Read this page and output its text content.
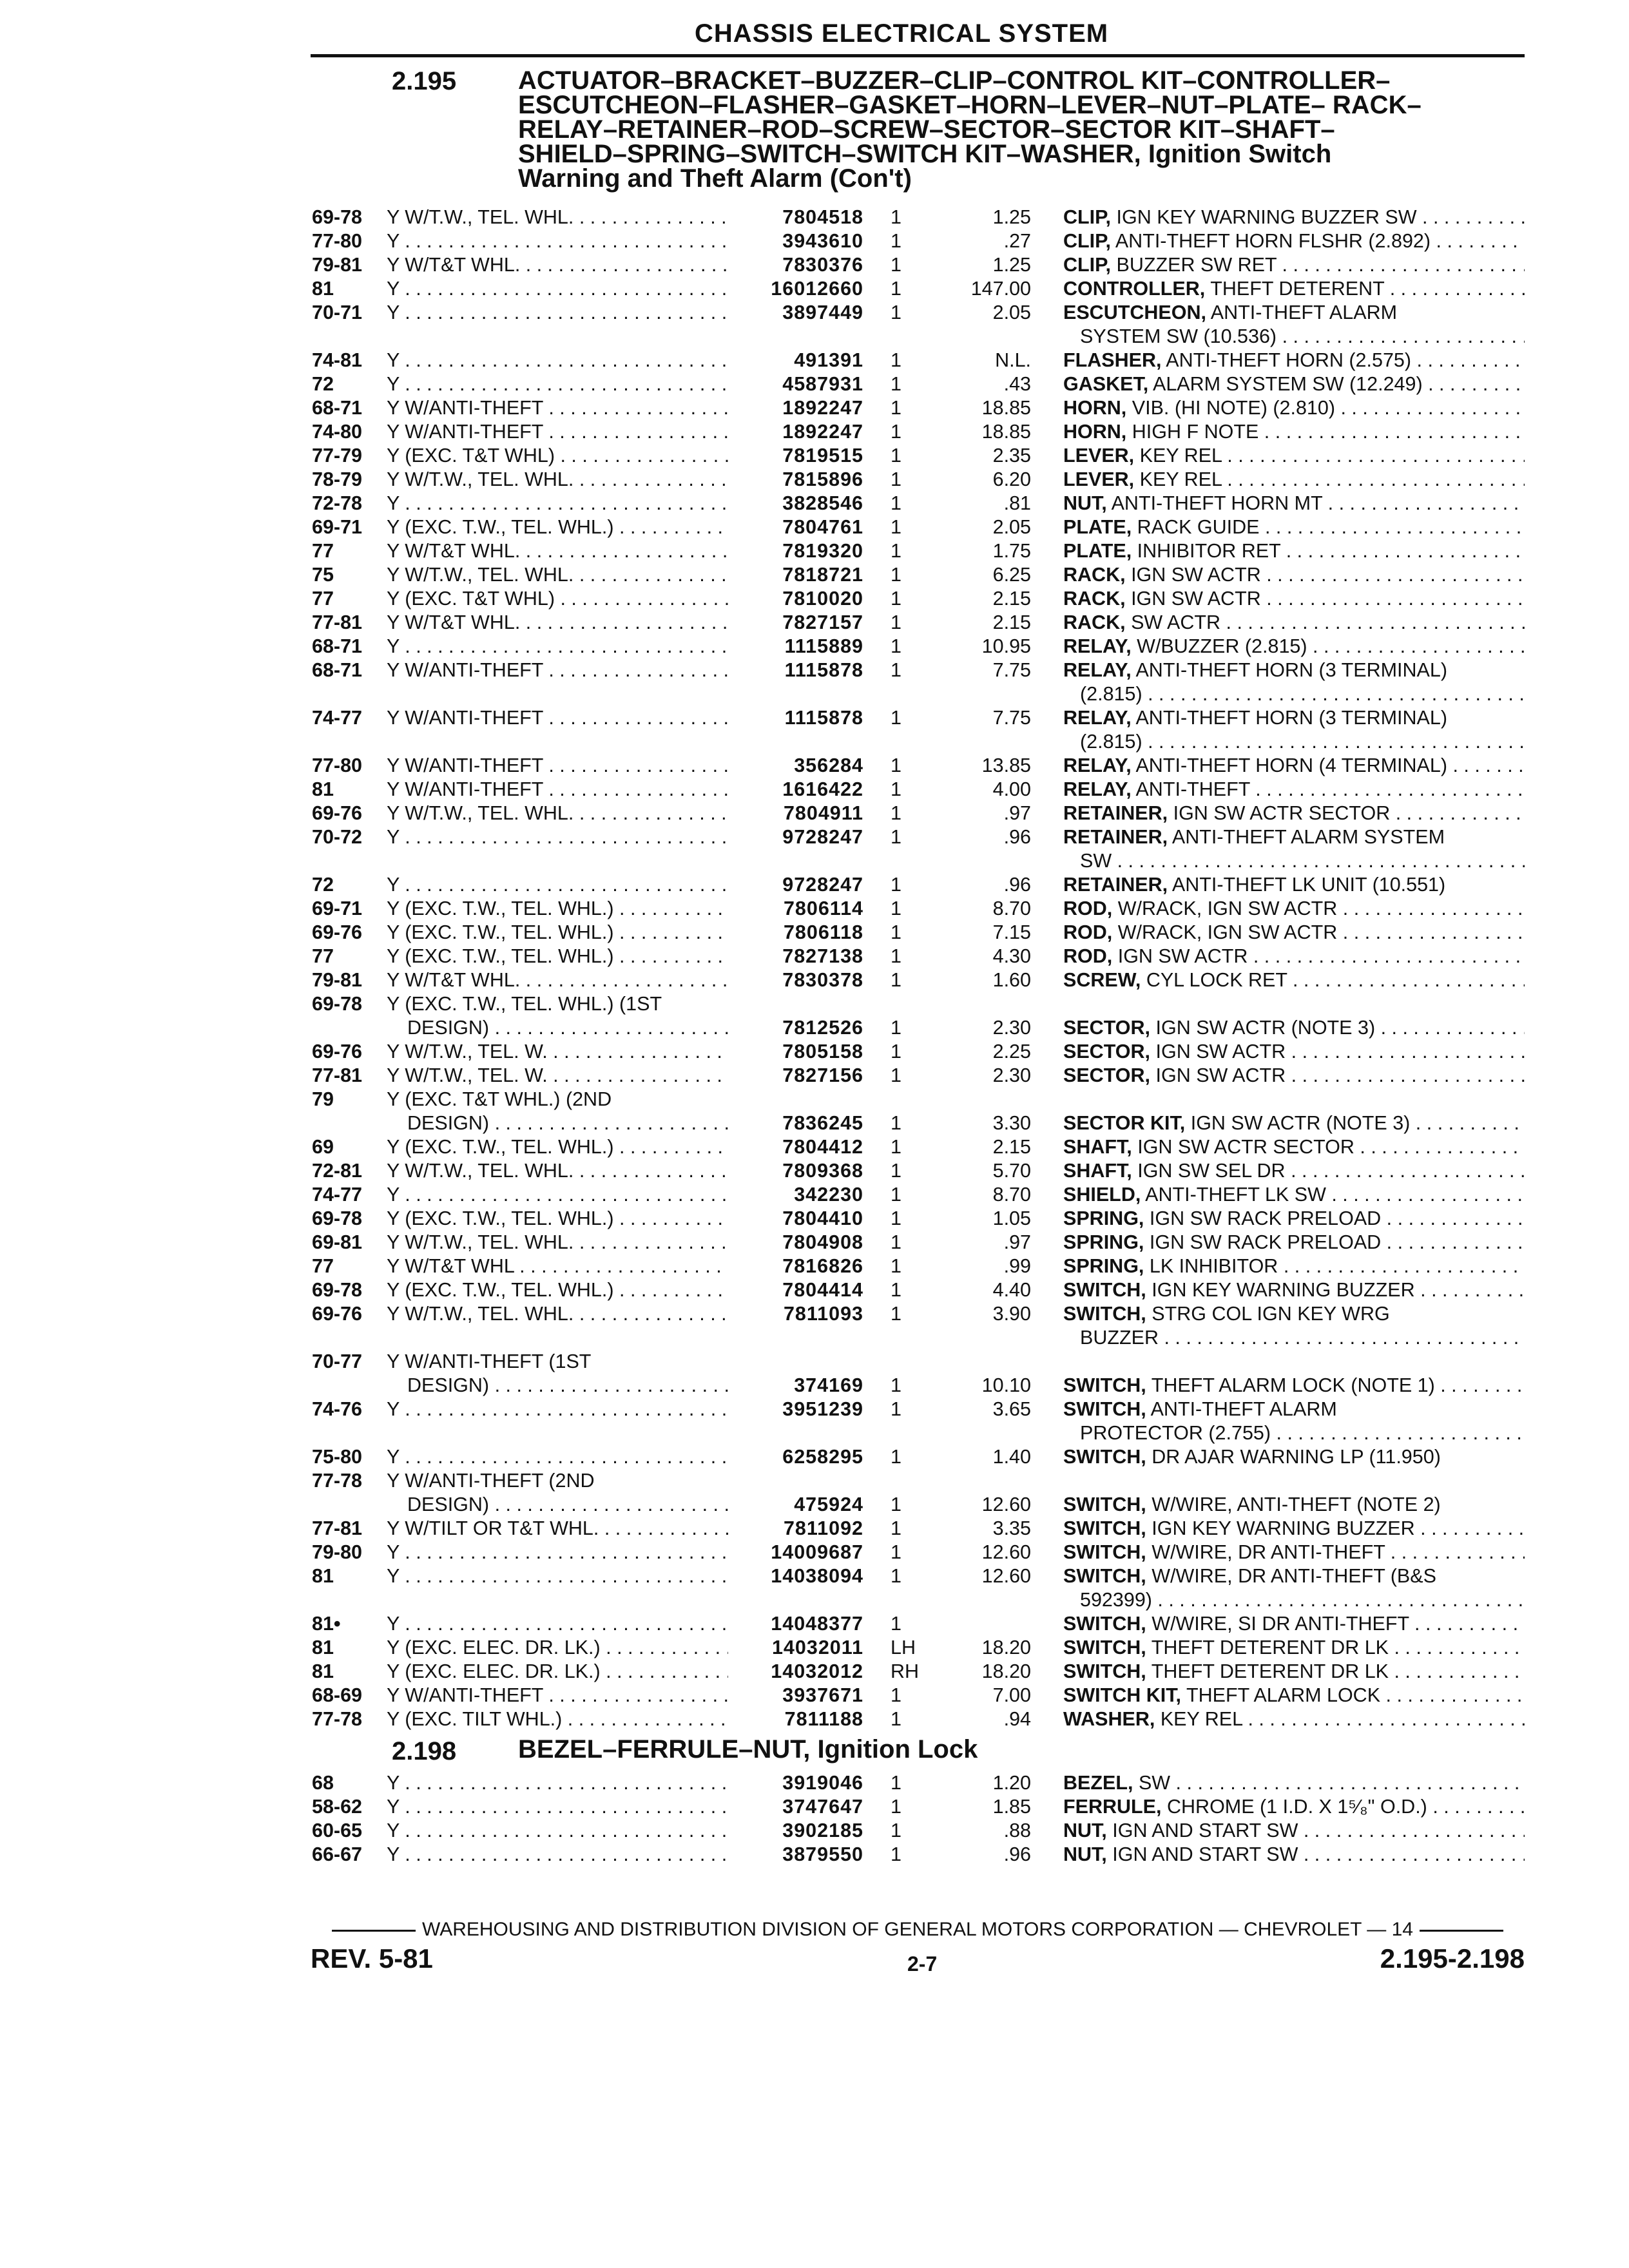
CHASSIS ELECTRICAL SYSTEM
2.195 ACTUATOR–BRACKET–BUZZER–CLIP–CONTROL KIT–CONTROLLER–
ESCUTCHEON–FLASHER–GASKET–HORN–LEVER–NUT–PLATE– RACK–
RELAY–RETAINER–ROD–SCREW–SECTOR–SECTOR KIT–SHAFT–
SHIELD–SPRING–SWITCH–SWITCH KIT–WASHER, Ignition Switch
Warning and Theft Alarm (Con't)
69-78	Y W/T.W., TEL. WHL. . . .	7804518 1	1.25 CLIP, IGN KEY WARNING BUZZER SW . . .
77-80	Y . . .	3943610 1	.27 CLIP, ANTI-THEFT HORN FLSHR (2.892) . . .
79-81	Y W/T&T WHL. . . .	7830376 1	1.25 CLIP, BUZZER SW RET . . .
81	Y . . .	16012660 1	147.00 CONTROLLER, THEFT DETERENT . . .
70-71	Y . . .	3897449 1	2.05 ESCUTCHEON, ANTI-THEFT ALARM
SYSTEM SW (10.536) . . .
74-81	Y . . .	491391 1	N.L. FLASHER, ANTI-THEFT HORN (2.575) . . .
72	Y . . .	4587931 1	.43 GASKET, ALARM SYSTEM SW (12.249) . . .
68-71	Y W/ANTI-THEFT . . .	1892247 1	18.85 HORN, VIB. (HI NOTE) (2.810) . . .
74-80	Y W/ANTI-THEFT . . .	1892247 1	18.85 HORN, HIGH F NOTE . . .
77-79	Y (EXC. T&T WHL) . . .	7819515 1	2.35 LEVER, KEY REL . . .
78-79	Y W/T.W., TEL. WHL. . . .	7815896 1	6.20 LEVER, KEY REL . . .
72-78	Y . . .	3828546 1	.81 NUT, ANTI-THEFT HORN MT . . .
69-71	Y (EXC. T.W., TEL. WHL.) . . .	7804761 1	2.05 PLATE, RACK GUIDE . . .
77	Y W/T&T WHL. . . .	7819320 1	1.75 PLATE, INHIBITOR RET . . .
75	Y W/T.W., TEL. WHL. . . .	7818721 1	6.25 RACK, IGN SW ACTR . . .
77	Y (EXC. T&T WHL) . . .	7810020 1	2.15 RACK, IGN SW ACTR . . .
77-81	Y W/T&T WHL. . . .	7827157 1	2.15 RACK, SW ACTR . . .
68-71	Y . . .	1115889 1	10.95 RELAY, W/BUZZER (2.815) . . .
68-71	Y W/ANTI-THEFT . . .	1115878 1	7.75 RELAY, ANTI-THEFT HORN (3 TERMINAL)
(2.815) . . .
74-77	Y W/ANTI-THEFT . . .	1115878 1	7.75 RELAY, ANTI-THEFT HORN (3 TERMINAL)
(2.815) . . .
77-80	Y W/ANTI-THEFT . . .	356284 1	13.85 RELAY, ANTI-THEFT HORN (4 TERMINAL) . . .
81	Y W/ANTI-THEFT . . .	1616422 1	4.00 RELAY, ANTI-THEFT . . .
69-76	Y W/T.W., TEL. WHL. . . .	7804911 1	.97 RETAINER, IGN SW ACTR SECTOR . . .
70-72	Y . . .	9728247 1	.96 RETAINER, ANTI-THEFT ALARM SYSTEM
SW . . .
72	Y . . .	9728247 1	.96 RETAINER, ANTI-THEFT LK UNIT (10.551)
69-71	Y (EXC. T.W., TEL. WHL.) . . .	7806114 1	8.70 ROD, W/RACK, IGN SW ACTR . . .
69-76	Y (EXC. T.W., TEL. WHL.) . . .	7806118 1	7.15 ROD, W/RACK, IGN SW ACTR . . .
77	Y (EXC. T.W., TEL. WHL.) . . .	7827138 1	4.30 ROD, IGN SW ACTR . . .
79-81	Y W/T&T WHL. . . .	7830378 1	1.60 SCREW, CYL LOCK RET . . .
69-78	Y (EXC. T.W., TEL. WHL.) (1ST
DESIGN) . . .	7812526 1	2.30 SECTOR, IGN SW ACTR (NOTE 3) . . .
69-76	Y W/T.W., TEL. W. . . .	7805158 1	2.25 SECTOR, IGN SW ACTR . . .
77-81	Y W/T.W., TEL. W. . . .	7827156 1	2.30 SECTOR, IGN SW ACTR . . .
79	Y (EXC. T&T WHL.) (2ND
DESIGN) . . .	7836245 1	3.30 SECTOR KIT, IGN SW ACTR (NOTE 3) . . .
69	Y (EXC. T.W., TEL. WHL.) . . .	7804412 1	2.15 SHAFT, IGN SW ACTR SECTOR . . .
72-81	Y W/T.W., TEL. WHL. . . .	7809368 1	5.70 SHAFT, IGN SW SEL DR . . .
74-77	Y . . .	342230 1	8.70 SHIELD, ANTI-THEFT LK SW . . .
69-78	Y (EXC. T.W., TEL. WHL.) . . .	7804410 1	1.05 SPRING, IGN SW RACK PRELOAD . . .
69-81	Y W/T.W., TEL. WHL. . . .	7804908 1	.97 SPRING, IGN SW RACK PRELOAD . . .
77	Y W/T&T WHL . . .	7816826 1	.99 SPRING, LK INHIBITOR . . .
69-78	Y (EXC. T.W., TEL. WHL.) . . .	7804414 1	4.40 SWITCH, IGN KEY WARNING BUZZER . . .
69-76	Y W/T.W., TEL. WHL. . . .	7811093 1	3.90 SWITCH, STRG COL IGN KEY WRG
BUZZER . . .
70-77	Y W/ANTI-THEFT (1ST
DESIGN) . . .	374169 1	10.10 SWITCH, THEFT ALARM LOCK (NOTE 1) . . .
74-76	Y . . .	3951239 1	3.65 SWITCH, ANTI-THEFT ALARM
PROTECTOR (2.755) . . .
75-80	Y . . .	6258295 1	1.40 SWITCH, DR AJAR WARNING LP (11.950)
77-78	Y W/ANTI-THEFT (2ND
DESIGN) . . .	475924 1	12.60 SWITCH, W/WIRE, ANTI-THEFT (NOTE 2)
77-81	Y W/TILT OR T&T WHL. . . .	7811092 1	3.35 SWITCH, IGN KEY WARNING BUZZER . . .
79-80	Y . . .	14009687 1	12.60 SWITCH, W/WIRE, DR ANTI-THEFT . . .
81	Y . . .	14038094 1	12.60 SWITCH, W/WIRE, DR ANTI-THEFT (B&S
592399) . . .
81•	Y . . .	14048377 1	SWITCH, W/WIRE, SI DR ANTI-THEFT . . .
81	Y (EXC. ELEC. DR. LK.) . . .	14032011 LH	18.20 SWITCH, THEFT DETERENT DR LK . . .
81	Y (EXC. ELEC. DR. LK.) . . .	14032012 RH	18.20 SWITCH, THEFT DETERENT DR LK . . .
68-69	Y W/ANTI-THEFT . . .	3937671 1	7.00 SWITCH KIT, THEFT ALARM LOCK . . .
77-78	Y (EXC. TILT WHL.) . . .	7811188 1	.94 WASHER, KEY REL . . .
68	Y . . .	3919046 1	1.20 BEZEL, SW . . .
58-62	Y . . .	3747647 1	1.85 FERRULE, CHROME (1 I.D. X 1⁵⁄₈" O.D.) . . .
60-65	Y . . .	3902185 1	.88 NUT, IGN AND START SW . . .
66-67	Y . . .	3879550 1	.96 NUT, IGN AND START SW . . .
2.198 BEZEL–FERRULE–NUT, Ignition Lock
WAREHOUSING AND DISTRIBUTION DIVISION OF GENERAL MOTORS CORPORATION — CHEVROLET — 14
REV. 5-81	2-7	2.195-2.198
